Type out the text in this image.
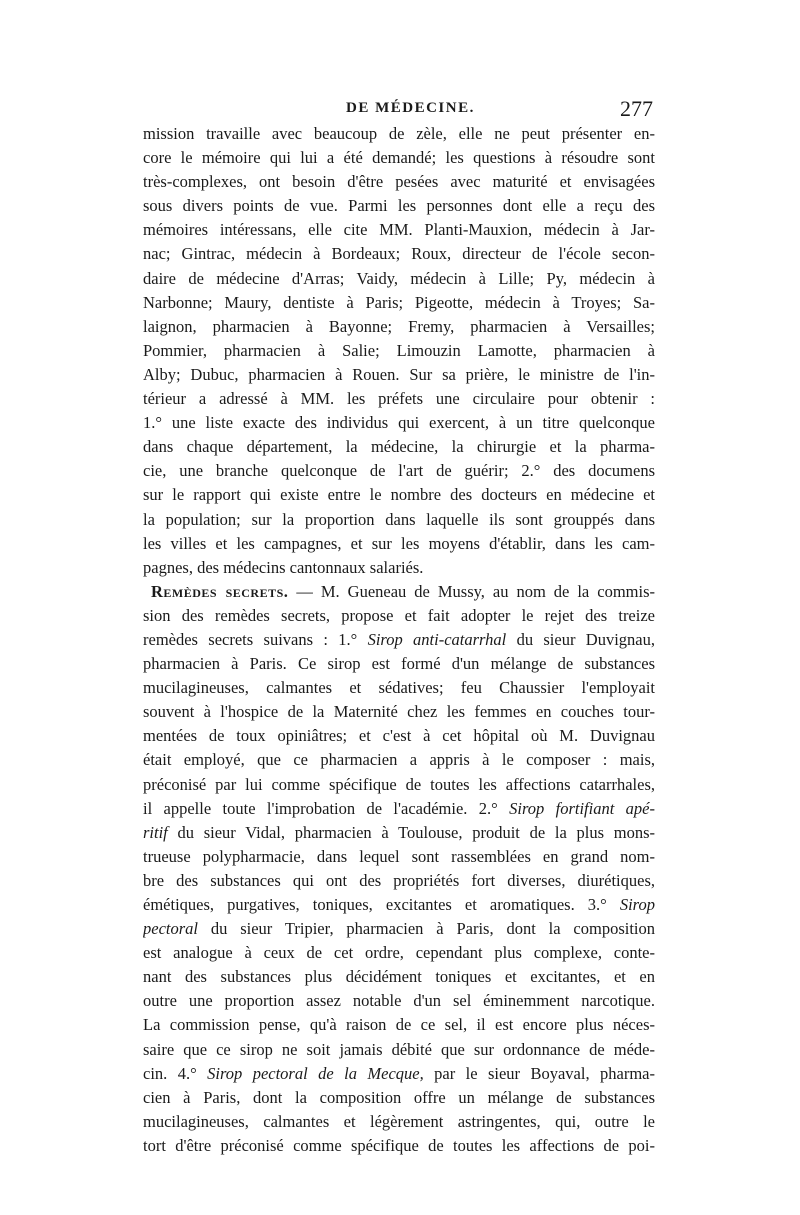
DE MÉDECINE.	277
mission travaille avec beaucoup de zèle, elle ne peut présenter en-
core le mémoire qui lui a été demandé; les questions à résoudre sont
très-complexes, ont besoin d'être pesées avec maturité et envisagées
sous divers points de vue. Parmi les personnes dont elle a reçu des
mémoires intéressans, elle cite MM. Planti-Mauxion, médecin à Jar-
nac; Gintrac, médecin à Bordeaux; Roux, directeur de l'école secon-
daire de médecine d'Arras; Vaidy, médecin à Lille; Py, médecin à
Narbonne; Maury, dentiste à Paris; Pigeotte, médecin à Troyes; Sa-
laignon, pharmacien à Bayonne; Fremy, pharmacien à Versailles;
Pommier, pharmacien à Salie; Limouzin Lamotte, pharmacien à
Alby; Dubuc, pharmacien à Rouen. Sur sa prière, le ministre de l'in-
térieur a adressé à MM. les préfets une circulaire pour obtenir :
1.° une liste exacte des individus qui exercent, à un titre quelconque
dans chaque département, la médecine, la chirurgie et la pharma-
cie, une branche quelconque de l'art de guérir; 2.° des documens
sur le rapport qui existe entre le nombre des docteurs en médecine et
la population; sur la proportion dans laquelle ils sont grouppés dans
les villes et les campagnes, et sur les moyens d'établir, dans les cam-
pagnes, des médecins cantonnaux salariés.
Remèdes secrets. — M. Gueneau de Mussy, au nom de la commis-
sion des remèdes secrets, propose et fait adopter le rejet des treize
remèdes secrets suivans : 1.° Sirop anti-catarrhal du sieur Duvignau,
pharmacien à Paris. Ce sirop est formé d'un mélange de substances
mucilagineuses, calmantes et sédatives; feu Chaussier l'employait
souvent à l'hospice de la Maternité chez les femmes en couches tour-
mentées de toux opiniâtres; et c'est à cet hôpital où M. Duvignau
était employé, que ce pharmacien a appris à le composer : mais,
préconisé par lui comme spécifique de toutes les affections catarrhales,
il appelle toute l'improbation de l'académie. 2.° Sirop fortifiant apé-
ritif du sieur Vidal, pharmacien à Toulouse, produit de la plus mons-
trueuse polypharmacie, dans lequel sont rassemblées en grand nom-
bre des substances qui ont des propriétés fort diverses, diurétiques,
émétiques, purgatives, toniques, excitantes et aromatiques. 3.° Sirop
pectoral du sieur Tripier, pharmacien à Paris, dont la composition
est analogue à ceux de cet ordre, cependant plus complexe, conte-
nant des substances plus décidément toniques et excitantes, et en
outre une proportion assez notable d'un sel éminemment narcotique.
La commission pense, qu'à raison de ce sel, il est encore plus néces-
saire que ce sirop ne soit jamais débité que sur ordonnance de méde-
cin. 4.° Sirop pectoral de la Mecque, par le sieur Boyaval, pharma-
cien à Paris, dont la composition offre un mélange de substances
mucilagineuses, calmantes et légèrement astringentes, qui, outre le
tort d'être préconisé comme spécifique de toutes les affections de poi-
